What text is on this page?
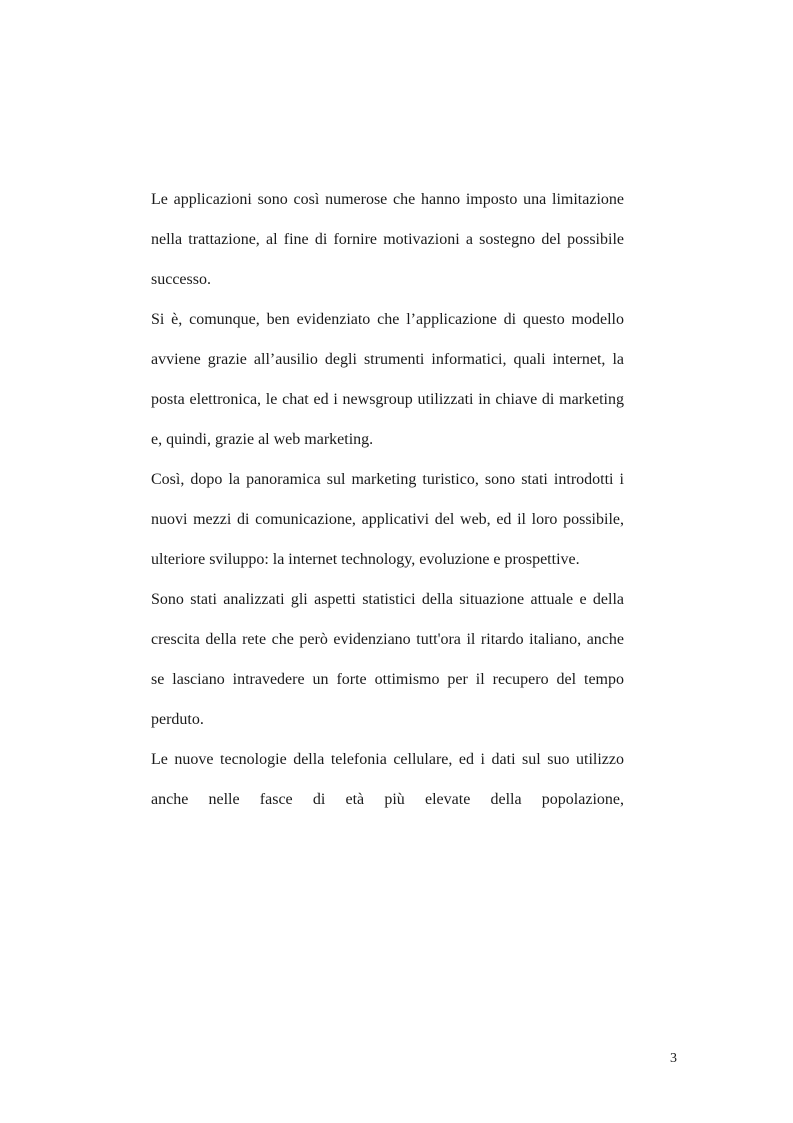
Le applicazioni sono così numerose che hanno imposto una limitazione nella trattazione, al fine di fornire motivazioni a sostegno del possibile successo.

Si è, comunque, ben evidenziato che l’applicazione di questo modello avviene grazie all’ausilio degli strumenti informatici, quali internet, la posta elettronica, le chat ed i newsgroup utilizzati in chiave di marketing e, quindi, grazie al web marketing.

Così, dopo la panoramica sul marketing turistico, sono stati introdotti i nuovi mezzi di comunicazione, applicativi del web, ed il loro possibile, ulteriore sviluppo: la internet technology, evoluzione e prospettive.

Sono stati analizzati gli aspetti statistici della situazione attuale e della crescita della rete che però evidenziano tutt'ora il ritardo italiano, anche se lasciano intravedere un forte ottimismo per il recupero del tempo perduto.

Le nuove tecnologie della telefonia cellulare, ed i dati sul suo utilizzo anche nelle fasce di età più elevate della popolazione,

3
